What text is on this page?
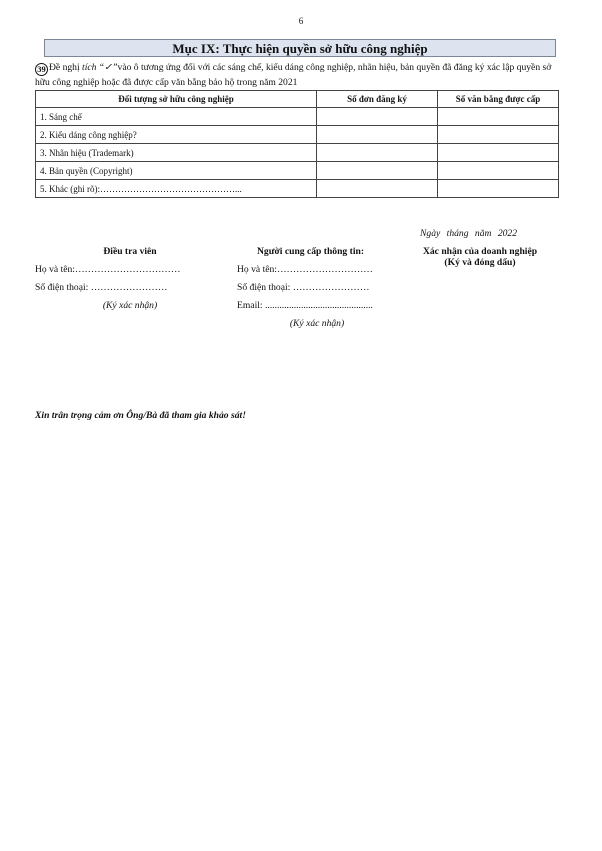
6
Mục IX: Thực hiện quyền sở hữu công nghiệp
39 Đề nghị tích “✓”vào ô tương ứng đối với các sáng chế, kiểu dáng công nghiệp, nhãn hiệu, bản quyền đã đăng ký xác lập quyền sở hữu công nghiệp hoặc đã được cấp văn bằng bảo hộ trong năm 2021
Đối tượng sở hữu công nghiệp	Số đơn đăng ký	Số văn bằng được cấp
1. Sáng chế		
2. Kiểu dáng công nghiệp?		
3. Nhãn hiệu (Trademark)		
4. Bản quyền (Copyright)		
5. Khác (ghi rõ):………………………………………...		
Ngày tháng năm 2022
Điều tra viên
Họ và tên:……………………………
Số điện thoại: ……………………
(Ký xác nhận)
Người cung cấp thông tin:
Họ và tên:…………………………
Số điện thoại: ……………………
Email: .............................................
(Ký xác nhận)
Xác nhận của doanh nghiệp
(Ký và đóng dấu)
Xin trân trọng cảm ơn Ông/Bà đã tham gia khảo sát!
